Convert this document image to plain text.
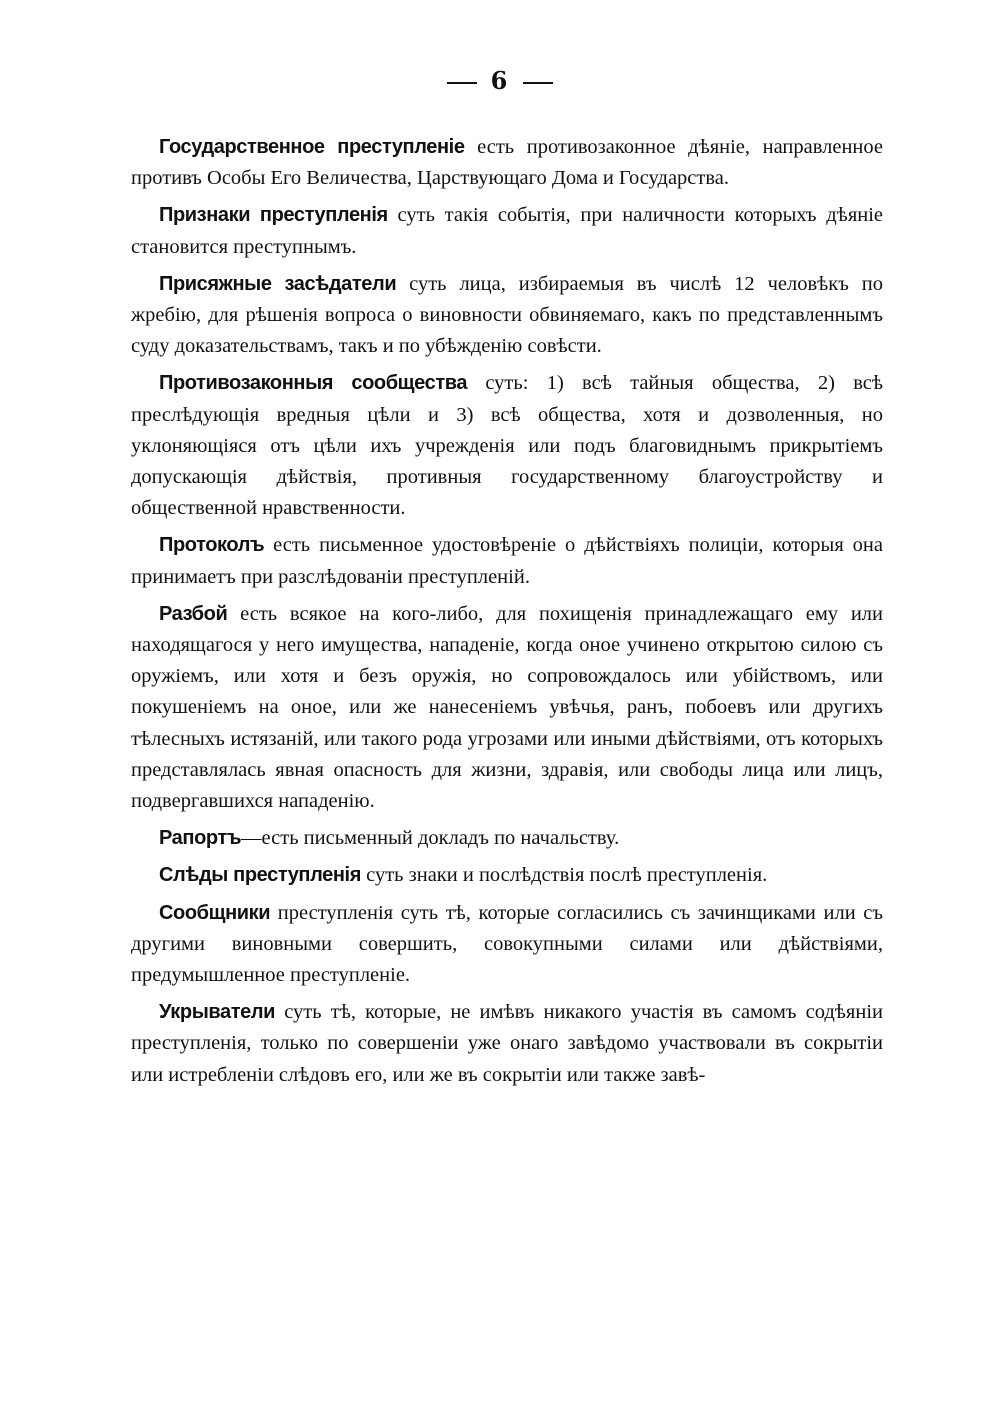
6

Государственное преступленіе есть противозаконное дѣяніе, направленное противъ Особы Его Величества, Царствующаго Дома и Государства.

Признаки преступленія суть такія событія, при наличности которыхъ дѣяніе становится преступнымъ.

Присяжные засѣдатели суть лица, избираемыя въ числѣ 12 человѣкъ по жребію, для рѣшенія вопроса о виновности обвиняемаго, какъ по представленнымъ суду доказательствамъ, такъ и по убѣжденію совѣсти.

Противозаконныя сообщества суть: 1) всѣ тайныя общества, 2) всѣ преслѣдующія вредныя цѣли и 3) всѣ общества, хотя и дозволенныя, но уклоняющіяся отъ цѣли ихъ учрежденія или подъ благовиднымъ прикрытіемъ допускающія дѣйствія, противныя государственному благоустройству и общественной нравственности.

Протоколъ есть письменное удостовѣреніе о дѣйствіяхъ полиціи, которыя она принимаетъ при разслѣдованіи преступленій.

Разбой есть всякое на кого-либо, для похищенія принадлежащаго ему или находящагося у него имущества, нападеніе, когда оное учинено открытою силою съ оружіемъ, или хотя и безъ оружія, но сопровождалось или убійствомъ, или покушеніемъ на оное, или же нанесеніемъ увѣчья, ранъ, побоевъ или другихъ тѣлесныхъ истязаній, или такого рода угрозами или иными дѣйствіями, отъ которыхъ представлялась явная опасность для жизни, здравія, или свободы лица или лицъ, подвергавшихся нападенію.

Рапортъ—есть письменный докладъ по начальству.

Слѣды преступленія суть знаки и послѣдствія послѣ преступленія.

Сообщники преступленія суть тѣ, которые согласились съ зачинщиками или съ другими виновными совершить, совокупными силами или дѣйствіями, предумышленное преступленіе.

Укрыватели суть тѣ, которые, не имѣвъ никакого участія въ самомъ содѣяніи преступленія, только по совершеніи уже онаго завѣдомо участвовали въ сокрытіи или истребленіи слѣдовъ его, или же въ сокрытіи или также завѣ-
